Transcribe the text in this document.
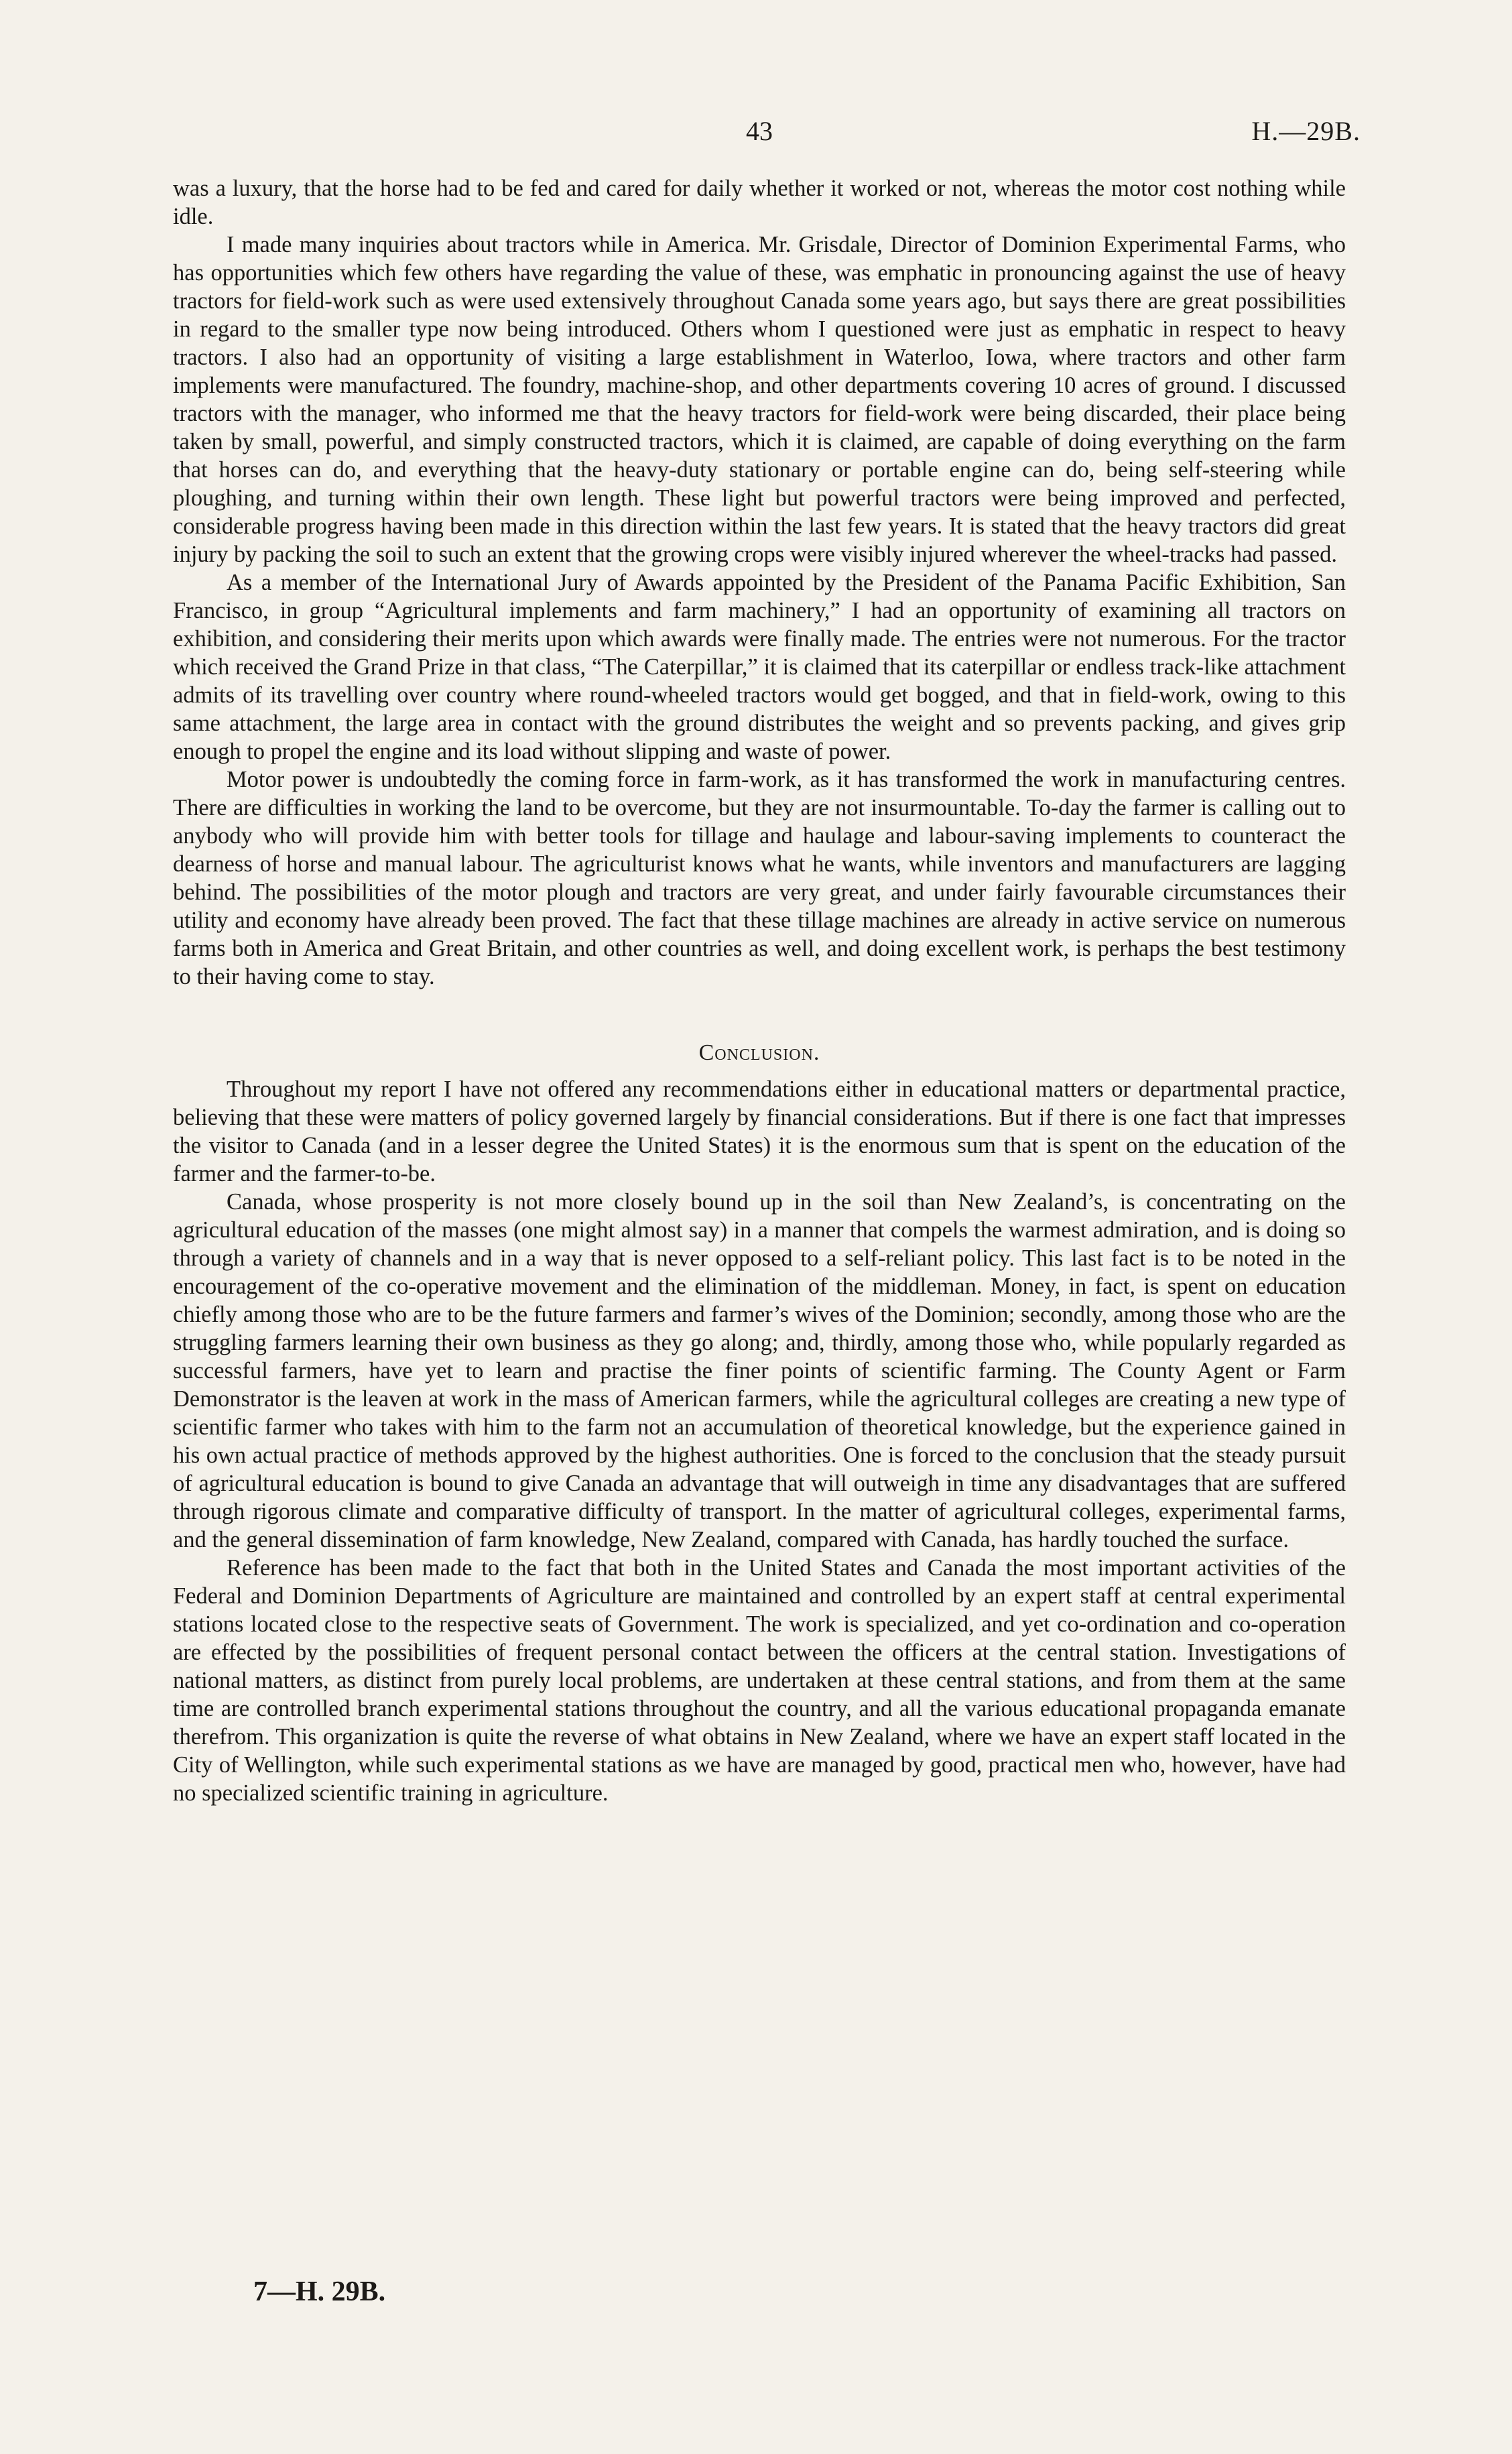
43	H.—29B.

was a luxury, that the horse had to be fed and cared for daily whether it worked or not, whereas the motor cost nothing while idle.

I made many inquiries about tractors while in America. Mr. Grisdale, Director of Dominion Experimental Farms, who has opportunities which few others have regarding the value of these, was emphatic in pronouncing against the use of heavy tractors for field-work such as were used extensively throughout Canada some years ago, but says there are great possibilities in regard to the smaller type now being introduced. Others whom I questioned were just as emphatic in respect to heavy tractors. I also had an opportunity of visiting a large establishment in Waterloo, Iowa, where tractors and other farm implements were manufactured. The foundry, machine-shop, and other departments covering 10 acres of ground. I discussed tractors with the manager, who informed me that the heavy tractors for field-work were being discarded, their place being taken by small, powerful, and simply constructed tractors, which it is claimed, are capable of doing everything on the farm that horses can do, and everything that the heavy-duty stationary or portable engine can do, being self-steering while ploughing, and turning within their own length. These light but powerful tractors were being improved and perfected, considerable progress having been made in this direction within the last few years. It is stated that the heavy tractors did great injury by packing the soil to such an extent that the growing crops were visibly injured wherever the wheel-tracks had passed.

As a member of the International Jury of Awards appointed by the President of the Panama Pacific Exhibition, San Francisco, in group “Agricultural implements and farm machinery,” I had an opportunity of examining all tractors on exhibition, and considering their merits upon which awards were finally made. The entries were not numerous. For the tractor which received the Grand Prize in that class, “The Caterpillar,” it is claimed that its caterpillar or endless track-like attachment admits of its travelling over country where round-wheeled tractors would get bogged, and that in field-work, owing to this same attachment, the large area in contact with the ground distributes the weight and so prevents packing, and gives grip enough to propel the engine and its load without slipping and waste of power.

Motor power is undoubtedly the coming force in farm-work, as it has transformed the work in manufacturing centres. There are difficulties in working the land to be overcome, but they are not insurmountable. To-day the farmer is calling out to anybody who will provide him with better tools for tillage and haulage and labour-saving implements to counteract the dearness of horse and manual labour. The agriculturist knows what he wants, while inventors and manufacturers are lagging behind. The possibilities of the motor plough and tractors are very great, and under fairly favourable circumstances their utility and economy have already been proved. The fact that these tillage machines are already in active service on numerous farms both in America and Great Britain, and other countries as well, and doing excellent work, is perhaps the best testimony to their having come to stay.

Conclusion.

Throughout my report I have not offered any recommendations either in educational matters or departmental practice, believing that these were matters of policy governed largely by financial considerations. But if there is one fact that impresses the visitor to Canada (and in a lesser degree the United States) it is the enormous sum that is spent on the education of the farmer and the farmer-to-be.

Canada, whose prosperity is not more closely bound up in the soil than New Zealand’s, is concentrating on the agricultural education of the masses (one might almost say) in a manner that compels the warmest admiration, and is doing so through a variety of channels and in a way that is never opposed to a self-reliant policy. This last fact is to be noted in the encouragement of the co-operative movement and the elimination of the middleman. Money, in fact, is spent on education chiefly among those who are to be the future farmers and farmer’s wives of the Dominion; secondly, among those who are the struggling farmers learning their own business as they go along; and, thirdly, among those who, while popularly regarded as successful farmers, have yet to learn and practise the finer points of scientific farming. The County Agent or Farm Demonstrator is the leaven at work in the mass of American farmers, while the agricultural colleges are creating a new type of scientific farmer who takes with him to the farm not an accumulation of theoretical knowledge, but the experience gained in his own actual practice of methods approved by the highest authorities. One is forced to the conclusion that the steady pursuit of agricultural education is bound to give Canada an advantage that will outweigh in time any disadvantages that are suffered through rigorous climate and comparative difficulty of transport. In the matter of agricultural colleges, experimental farms, and the general dissemination of farm knowledge, New Zealand, compared with Canada, has hardly touched the surface.

Reference has been made to the fact that both in the United States and Canada the most important activities of the Federal and Dominion Departments of Agriculture are maintained and controlled by an expert staff at central experimental stations located close to the respective seats of Government. The work is specialized, and yet co-ordination and co-operation are effected by the possibilities of frequent personal contact between the officers at the central station. Investigations of national matters, as distinct from purely local problems, are undertaken at these central stations, and from them at the same time are controlled branch experimental stations throughout the country, and all the various educational propaganda emanate therefrom. This organization is quite the reverse of what obtains in New Zealand, where we have an expert staff located in the City of Wellington, while such experimental stations as we have are managed by good, practical men who, however, have had no specialized scientific training in agriculture.

7—H. 29B.
